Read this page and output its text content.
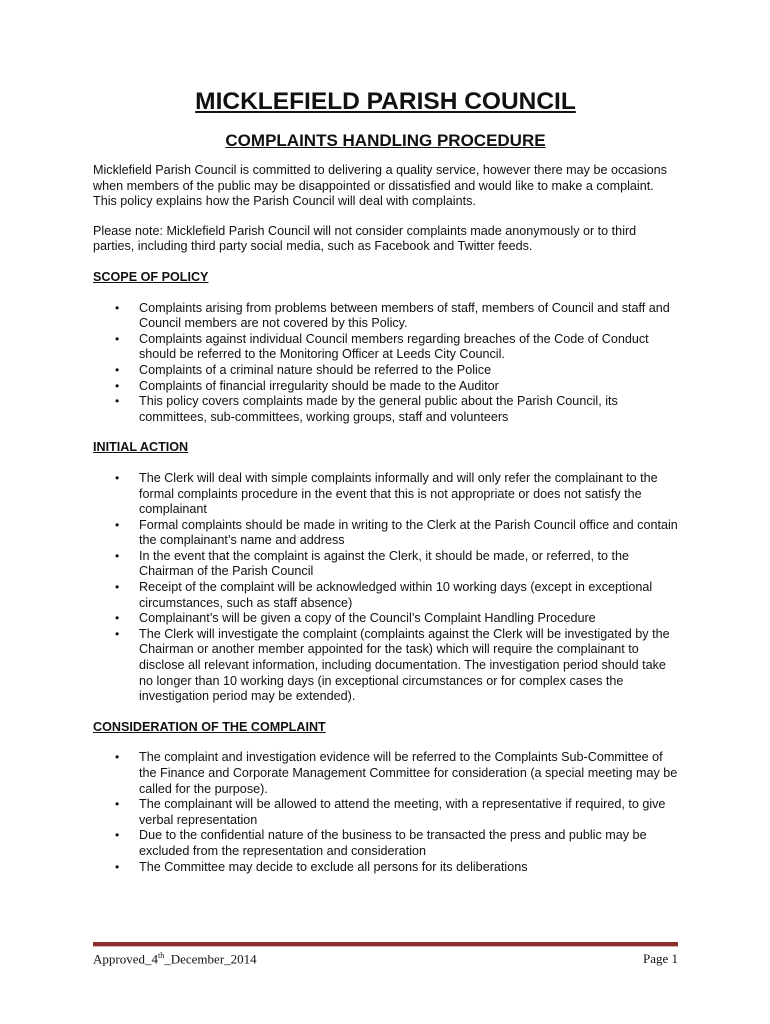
MICKLEFIELD PARISH COUNCIL
COMPLAINTS HANDLING PROCEDURE

Micklefield Parish Council is committed to delivering a quality service, however there may be occasions when members of the public may be disappointed or dissatisfied and would like to make a complaint. This policy explains how the Parish Council will deal with complaints.

Please note: Micklefield Parish Council will not consider complaints made anonymously or to third parties, including third party social media, such as Facebook and Twitter feeds.

SCOPE OF POLICY
• Complaints arising from problems between members of staff, members of Council and staff and Council members are not covered by this Policy.
• Complaints against individual Council members regarding breaches of the Code of Conduct should be referred to the Monitoring Officer at Leeds City Council.
• Complaints of a criminal nature should be referred to the Police
• Complaints of financial irregularity should be made to the Auditor
• This policy covers complaints made by the general public about the Parish Council, its committees, sub-committees, working groups, staff and volunteers
INITIAL ACTION
• The Clerk will deal with simple complaints informally and will only refer the complainant to the formal complaints procedure in the event that this is not appropriate or does not satisfy the complainant
• Formal complaints should be made in writing to the Clerk at the Parish Council office and contain the complainant’s name and address
• In the event that the complaint is against the Clerk, it should be made, or referred, to the Chairman of the Parish Council
• Receipt of the complaint will be acknowledged within 10 working days (except in exceptional circumstances, such as staff absence)
• Complainant’s will be given a copy of the Council’s Complaint Handling Procedure
• The Clerk will investigate the complaint (complaints against the Clerk will be investigated by the Chairman or another member appointed for the task) which will require the complainant to disclose all relevant information, including documentation. The investigation period should take no longer than 10 working days (in exceptional circumstances or for complex cases the investigation period may be extended).
CONSIDERATION OF THE COMPLAINT
• The complaint and investigation evidence will be referred to the Complaints Sub-Committee of the Finance and Corporate Management Committee for consideration (a special meeting may be called for the purpose).
• The complainant will be allowed to attend the meeting, with a representative if required, to give verbal representation
• Due to the confidential nature of the business to be transacted the press and public may be excluded from the representation and consideration
• The Committee may decide to exclude all persons for its deliberations
Approved_4th_December_2014	Page 1
